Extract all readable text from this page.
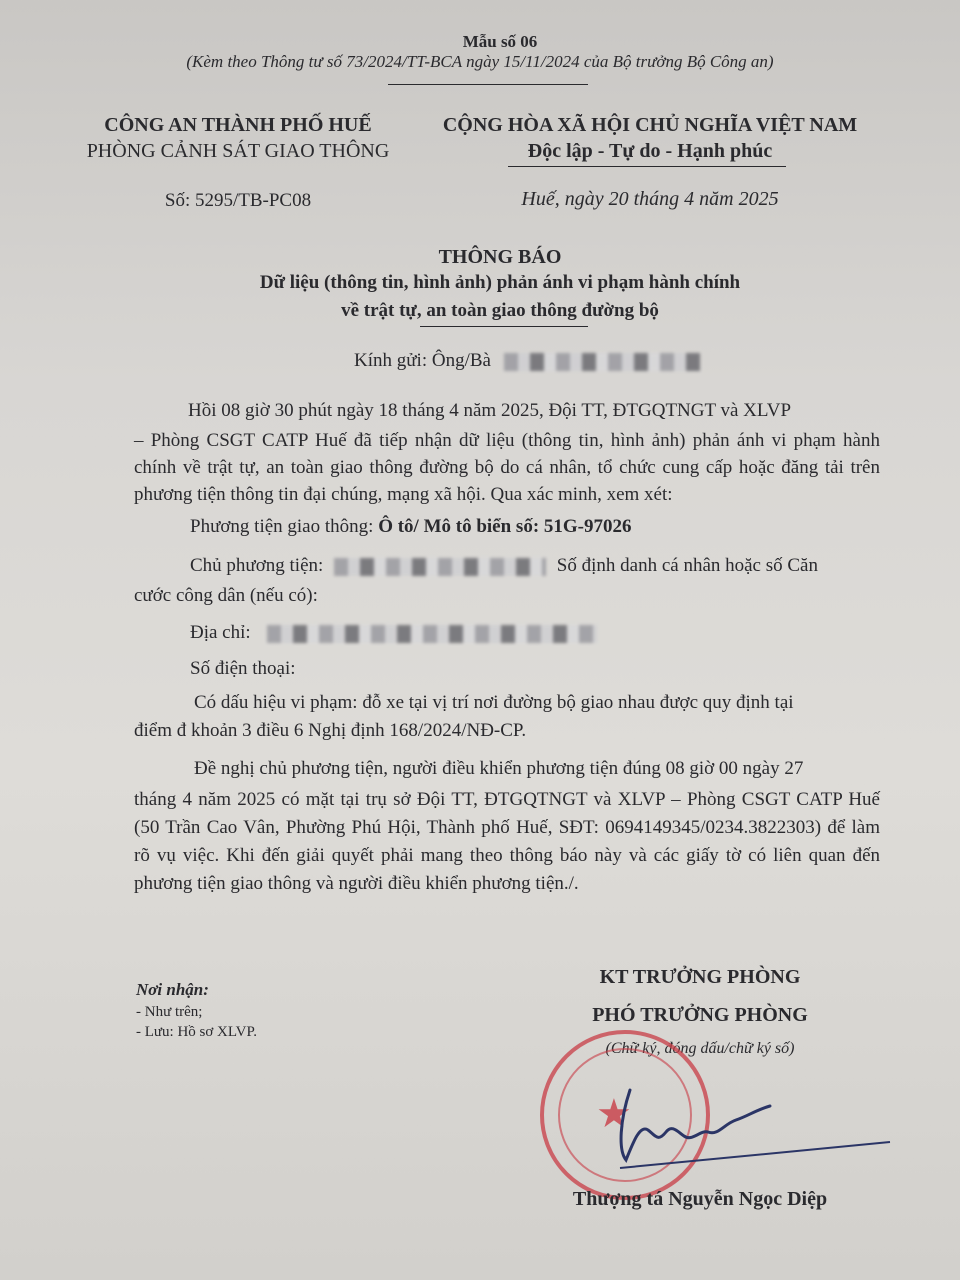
Mẫu số 06
(Kèm theo Thông tư số 73/2024/TT-BCA ngày 15/11/2024 của Bộ trưởng Bộ Công an)
CÔNG AN THÀNH PHỐ HUẾ
PHÒNG CẢNH SÁT GIAO THÔNG
Số: 5295/TB-PC08
CỘNG HÒA XÃ HỘI CHỦ NGHĨA VIỆT NAM
Độc lập - Tự do - Hạnh phúc
Huế, ngày 20 tháng 4 năm 2025
THÔNG BÁO
Dữ liệu (thông tin, hình ảnh) phản ánh vi phạm hành chính
về trật tự, an toàn giao thông đường bộ
Kính gửi: Ông/Bà
Hồi 08 giờ 30 phút ngày 18 tháng 4 năm 2025, Đội TT, ĐTGQTNGT và XLVP
– Phòng CSGT CATP Huế đã tiếp nhận dữ liệu (thông tin, hình ảnh) phản ánh vi phạm hành chính về trật tự, an toàn giao thông đường bộ do cá nhân, tổ chức cung cấp hoặc đăng tải trên phương tiện thông tin đại chúng, mạng xã hội. Qua xác minh, xem xét:
Phương tiện giao thông: Ô tô/ Mô tô biển số: 51G-97026
Chủ phương tiện:	Số định danh cá nhân hoặc số Căn
cước công dân (nếu có):
Địa chỉ:
Số điện thoại:
Có dấu hiệu vi phạm: đỗ xe tại vị trí nơi đường bộ giao nhau được quy định tại
điểm đ khoản 3 điều 6 Nghị định 168/2024/NĐ-CP.
Đề nghị chủ phương tiện, người điều khiển phương tiện đúng 08 giờ 00 ngày 27
tháng 4 năm 2025 có mặt tại trụ sở Đội TT, ĐTGQTNGT và XLVP – Phòng CSGT CATP Huế (50 Trần Cao Vân, Phường Phú Hội, Thành phố Huế, SĐT: 0694149345/0234.3822303) để làm rõ vụ việc. Khi đến giải quyết phải mang theo thông báo này và các giấy tờ có liên quan đến phương tiện giao thông và người điều khiển phương tiện./.
Nơi nhận:
- Như trên;
- Lưu: Hồ sơ XLVP.
KT TRƯỞNG PHÒNG
PHÓ TRƯỞNG PHÒNG
(Chữ ký, đóng dấu/chữ ký số)
★
Thượng tá Nguyễn Ngọc Diệp
